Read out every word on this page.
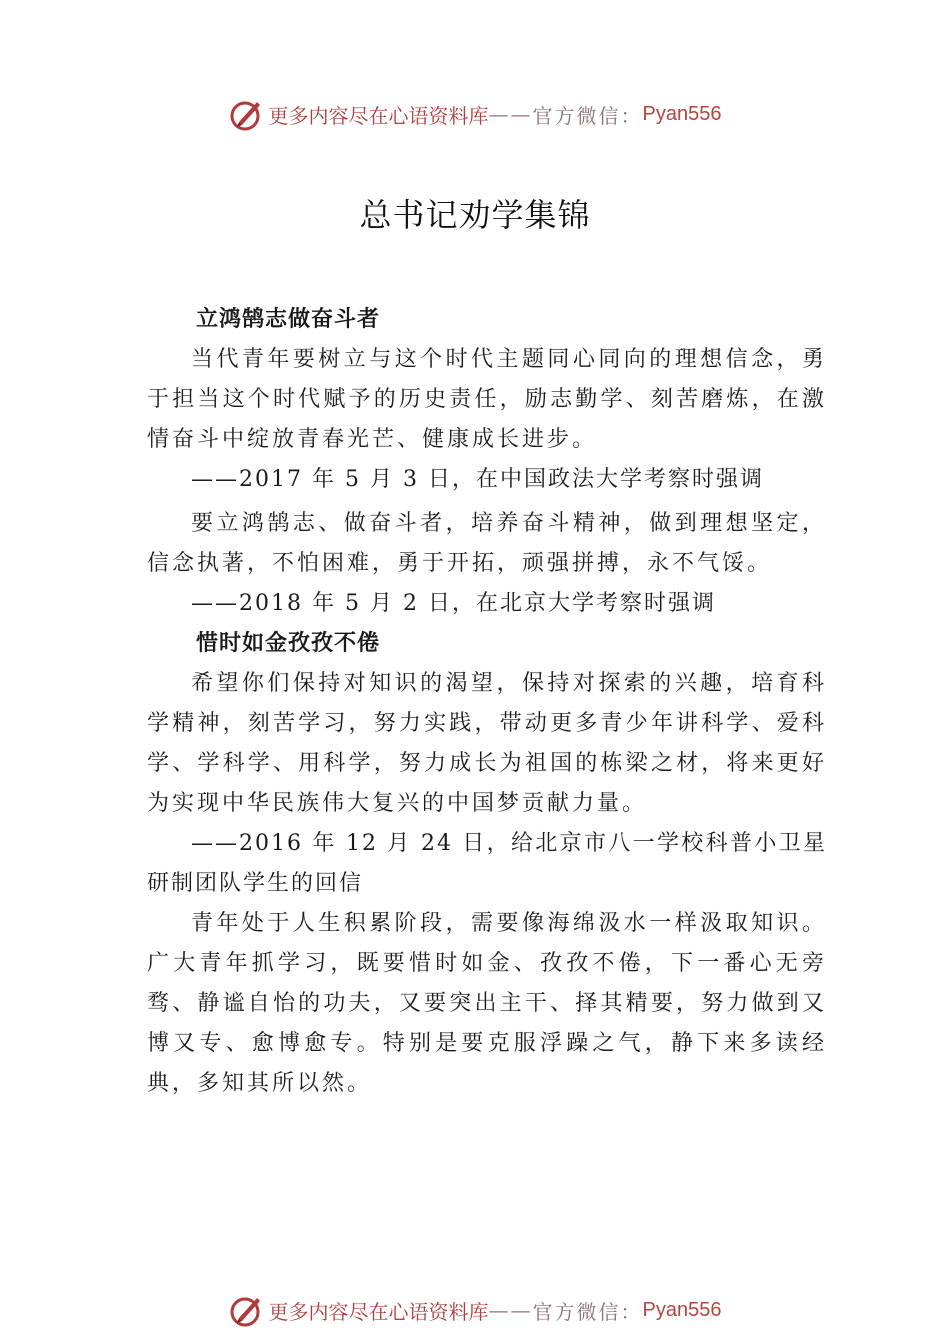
更多内容尽在心语资料库 —— 官方微信： Pyan556
总书记劝学集锦
立鸿鹄志做奋斗者

当代青年要树立与这个时代主题同心同向的理想信念，勇于担当这个时代赋予的历史责任，励志勤学、刻苦磨炼，在激情奋斗中绽放青春光芒、健康成长进步。

——2017 年 5 月 3 日，在中国政法大学考察时强调

要立鸿鹄志、做奋斗者，培养奋斗精神，做到理想坚定，信念执著，不怕困难，勇于开拓，顽强拼搏，永不气馁。

——2018 年 5 月 2 日，在北京大学考察时强调

惜时如金孜孜不倦

希望你们保持对知识的渴望，保持对探索的兴趣，培育科学精神，刻苦学习，努力实践，带动更多青少年讲科学、爱科学、学科学、用科学，努力成长为祖国的栋梁之材，将来更好为实现中华民族伟大复兴的中国梦贡献力量。

——2016 年 12 月 24 日，给北京市八一学校科普小卫星研制团队学生的回信

青年处于人生积累阶段，需要像海绵汲水一样汲取知识。广大青年抓学习，既要惜时如金、孜孜不倦，下一番心无旁骛、静谧自怡的功夫，又要突出主干、择其精要，努力做到又博又专、愈博愈专。特别是要克服浮躁之气，静下来多读经典，多知其所以然。

更多内容尽在心语资料库 —— 官方微信： Pyan556
